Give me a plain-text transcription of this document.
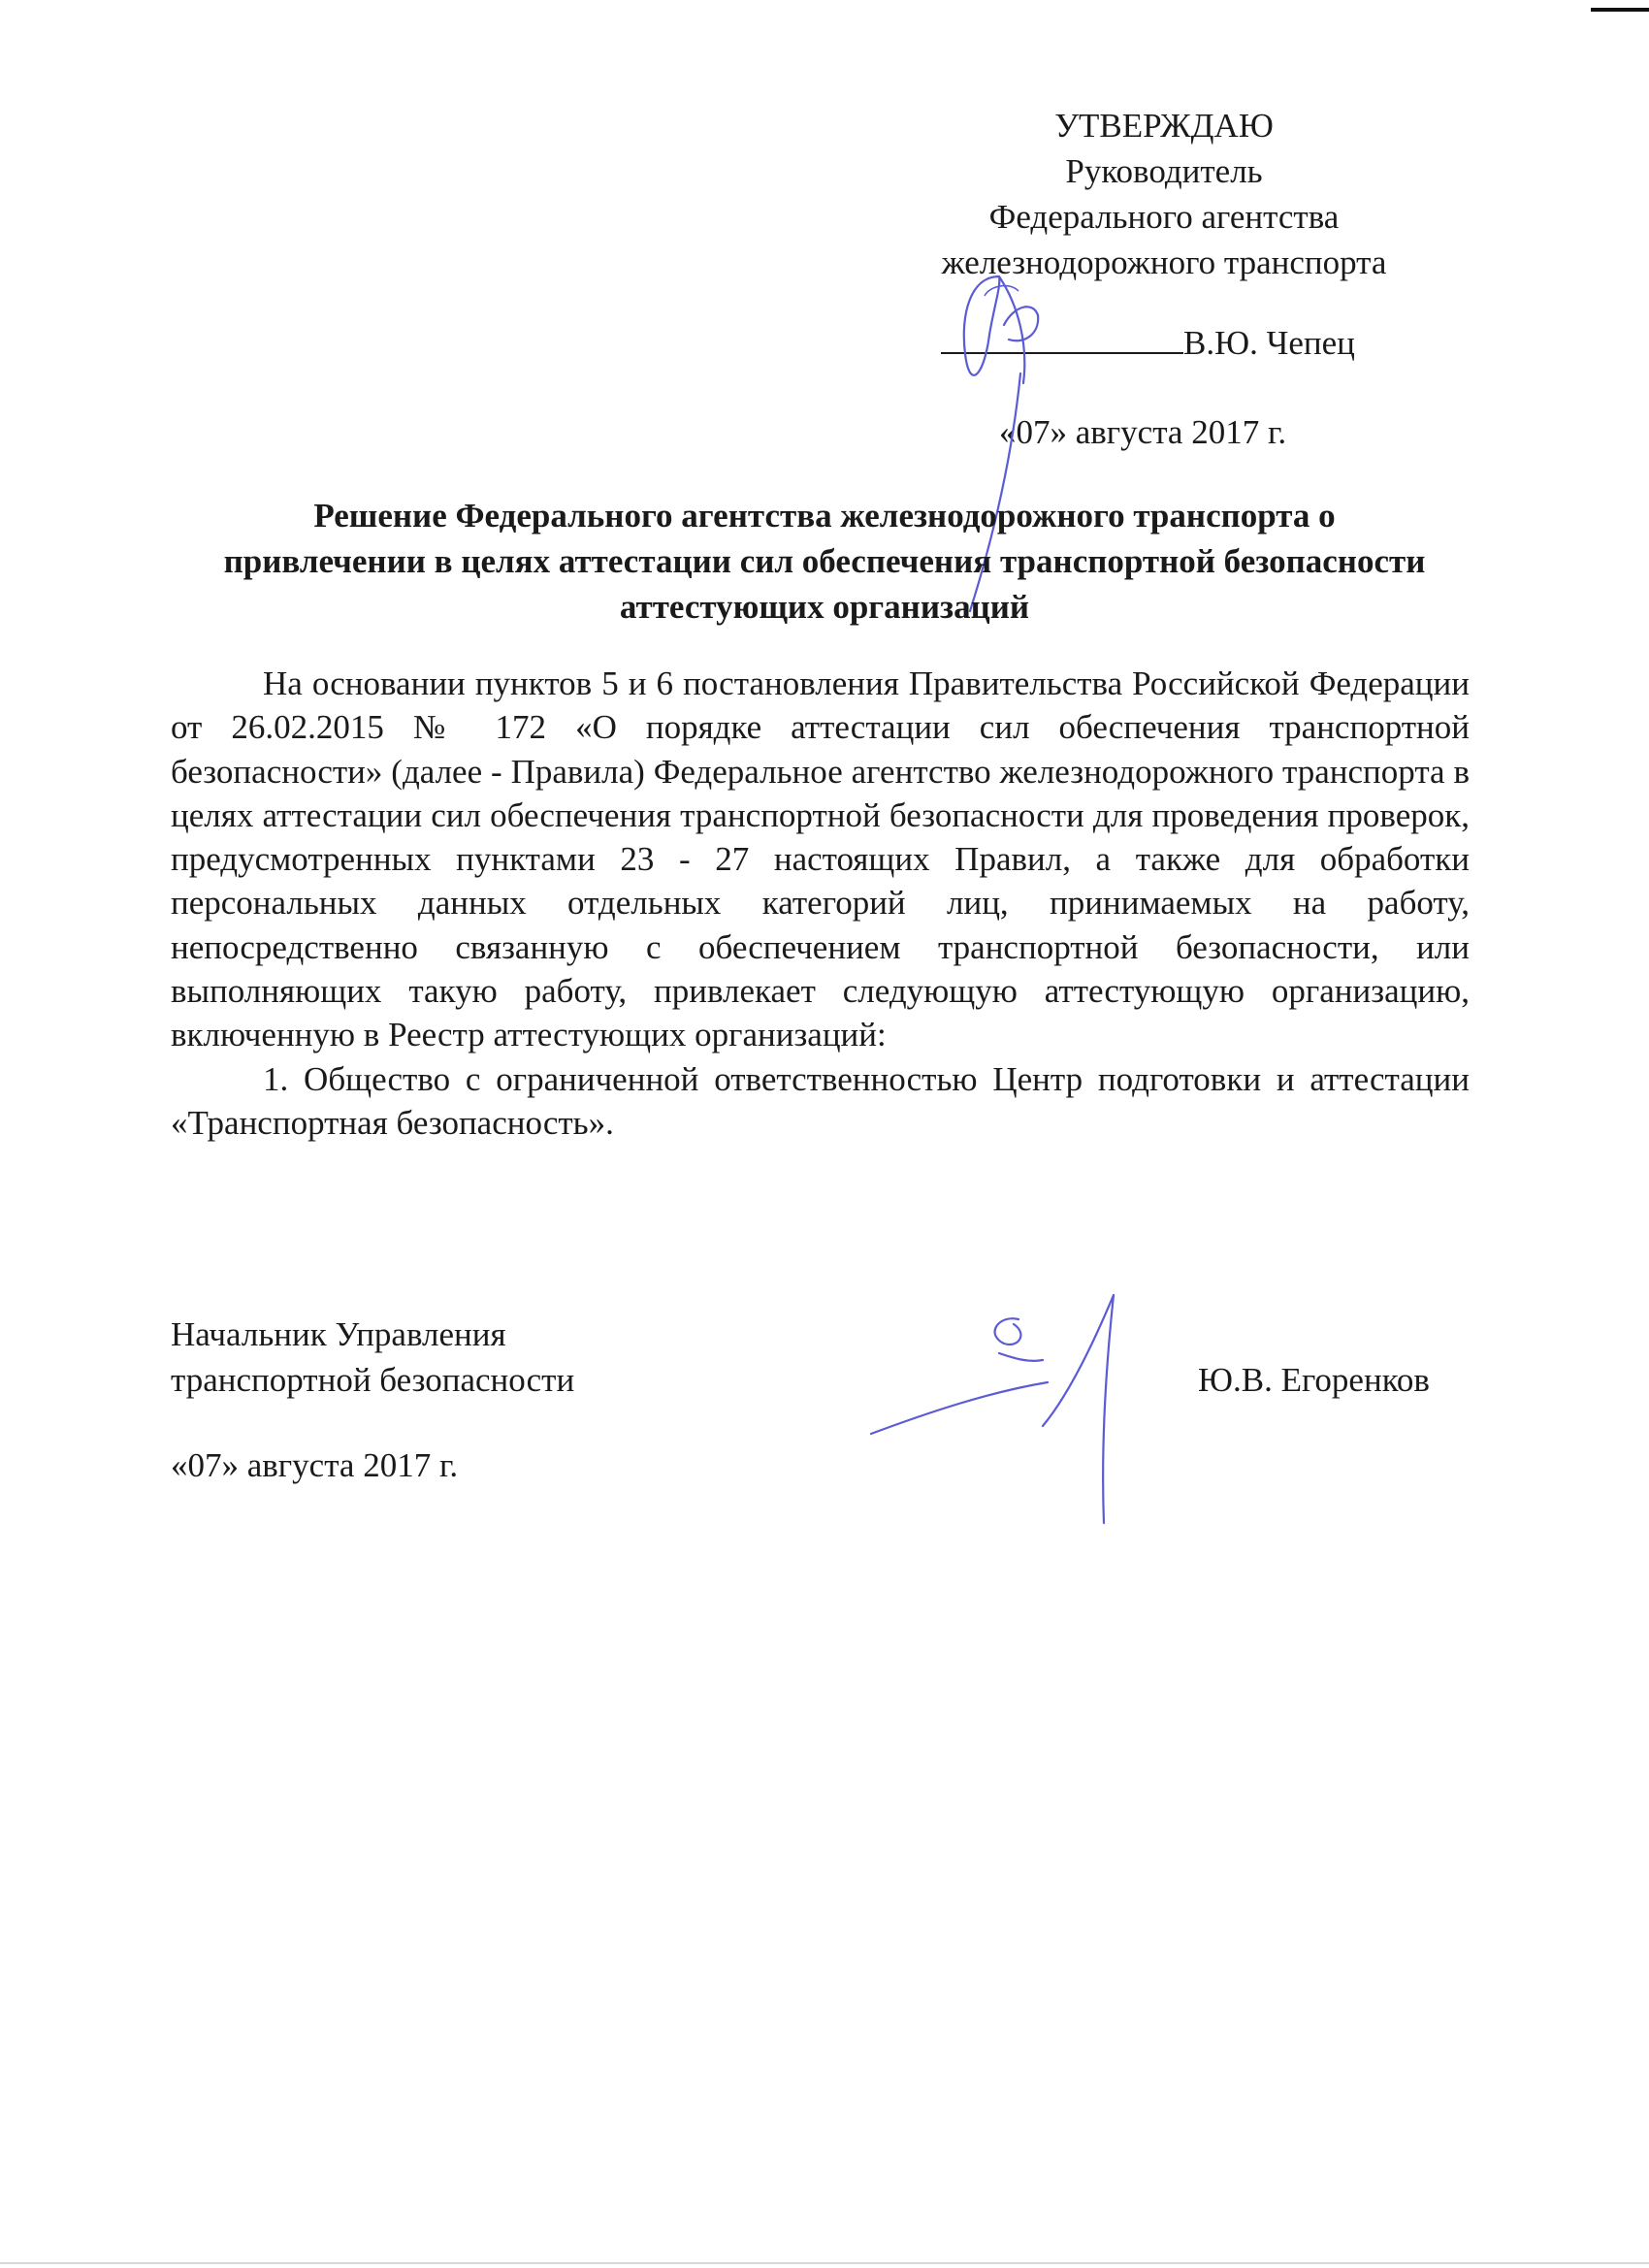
УТВЕРЖДАЮ
Руководитель
Федерального агентства
железнодорожного транспорта
В.Ю. Чепец
«07» августа 2017 г.
Решение Федерального агентства железнодорожного транспорта о
привлечении в целях аттестации сил обеспечения транспортной безопасности
аттестующих организаций

На основании пунктов 5 и 6 постановления Правительства Российской Федерации от 26.02.2015 № 172 «О порядке аттестации сил обеспечения транспортной безопасности» (далее - Правила) Федеральное агентство железнодорожного транспорта в целях аттестации сил обеспечения транспортной безопасности для проведения проверок, предусмотренных пунктами 23 - 27 настоящих Правил, а также для обработки персональных данных отдельных категорий лиц, принимаемых на работу, непосредственно связанную с обеспечением транспортной безопасности, или выполняющих такую работу, привлекает следующую аттестующую организацию, включенную в Реестр аттестующих организаций:

1. Общество с ограниченной ответственностью Центр подготовки и аттестации «Транспортная безопасность».

Начальник Управления
транспортной безопасности	Ю.В. Егоренков
«07» августа 2017 г.
